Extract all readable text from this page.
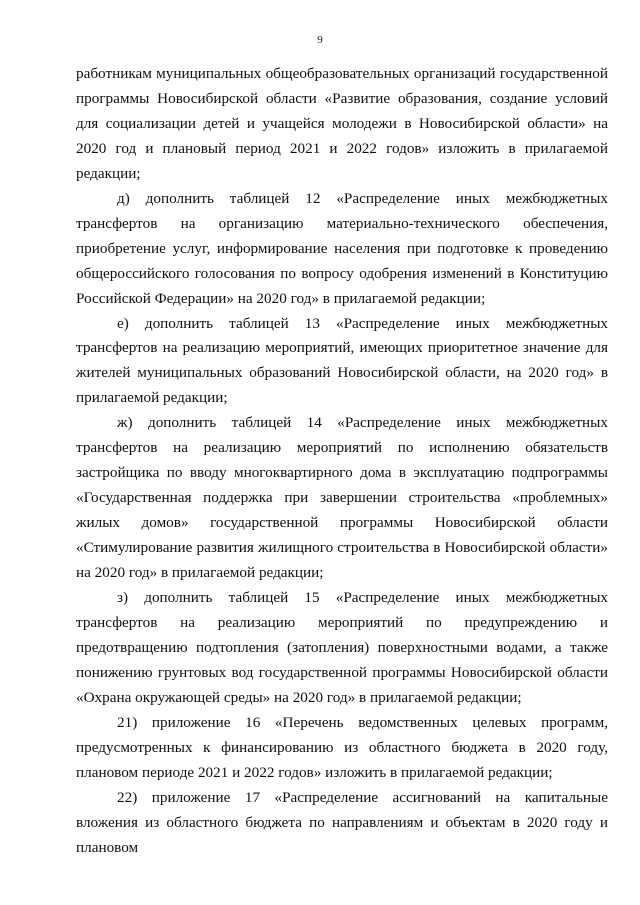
9

работникам муниципальных общеобразовательных организаций государственной программы Новосибирской области «Развитие образования, создание условий для социализации детей и учащейся молодежи в Новосибирской области» на 2020 год и плановый период 2021 и 2022 годов» изложить в прилагаемой редакции;

д) дополнить таблицей 12 «Распределение иных межбюджетных трансфертов на организацию материально-технического обеспечения, приобретение услуг, информирование населения при подготовке к проведению общероссийского голосования по вопросу одобрения изменений в Конституцию Российской Федерации» на 2020 год» в прилагаемой редакции;

е) дополнить таблицей 13 «Распределение иных межбюджетных трансфертов на реализацию мероприятий, имеющих приоритетное значение для жителей муниципальных образований Новосибирской области, на 2020 год» в прилагаемой редакции;

ж) дополнить таблицей 14 «Распределение иных межбюджетных трансфертов на реализацию мероприятий по исполнению обязательств застройщика по вводу многоквартирного дома в эксплуатацию подпрограммы «Государственная поддержка при завершении строительства «проблемных» жилых домов» государственной программы Новосибирской области «Стимулирование развития жилищного строительства в Новосибирской области» на 2020 год» в прилагаемой редакции;

з) дополнить таблицей 15 «Распределение иных межбюджетных трансфертов на реализацию мероприятий по предупреждению и предотвращению подтопления (затопления) поверхностными водами, а также понижению грунтовых вод государственной программы Новосибирской области «Охрана окружающей среды» на 2020 год» в прилагаемой редакции;

21) приложение 16 «Перечень ведомственных целевых программ, предусмотренных к финансированию из областного бюджета в 2020 году, плановом периоде 2021 и 2022 годов» изложить в прилагаемой редакции;

22) приложение 17 «Распределение ассигнований на капитальные вложения из областного бюджета по направлениям и объектам в 2020 году и плановом
